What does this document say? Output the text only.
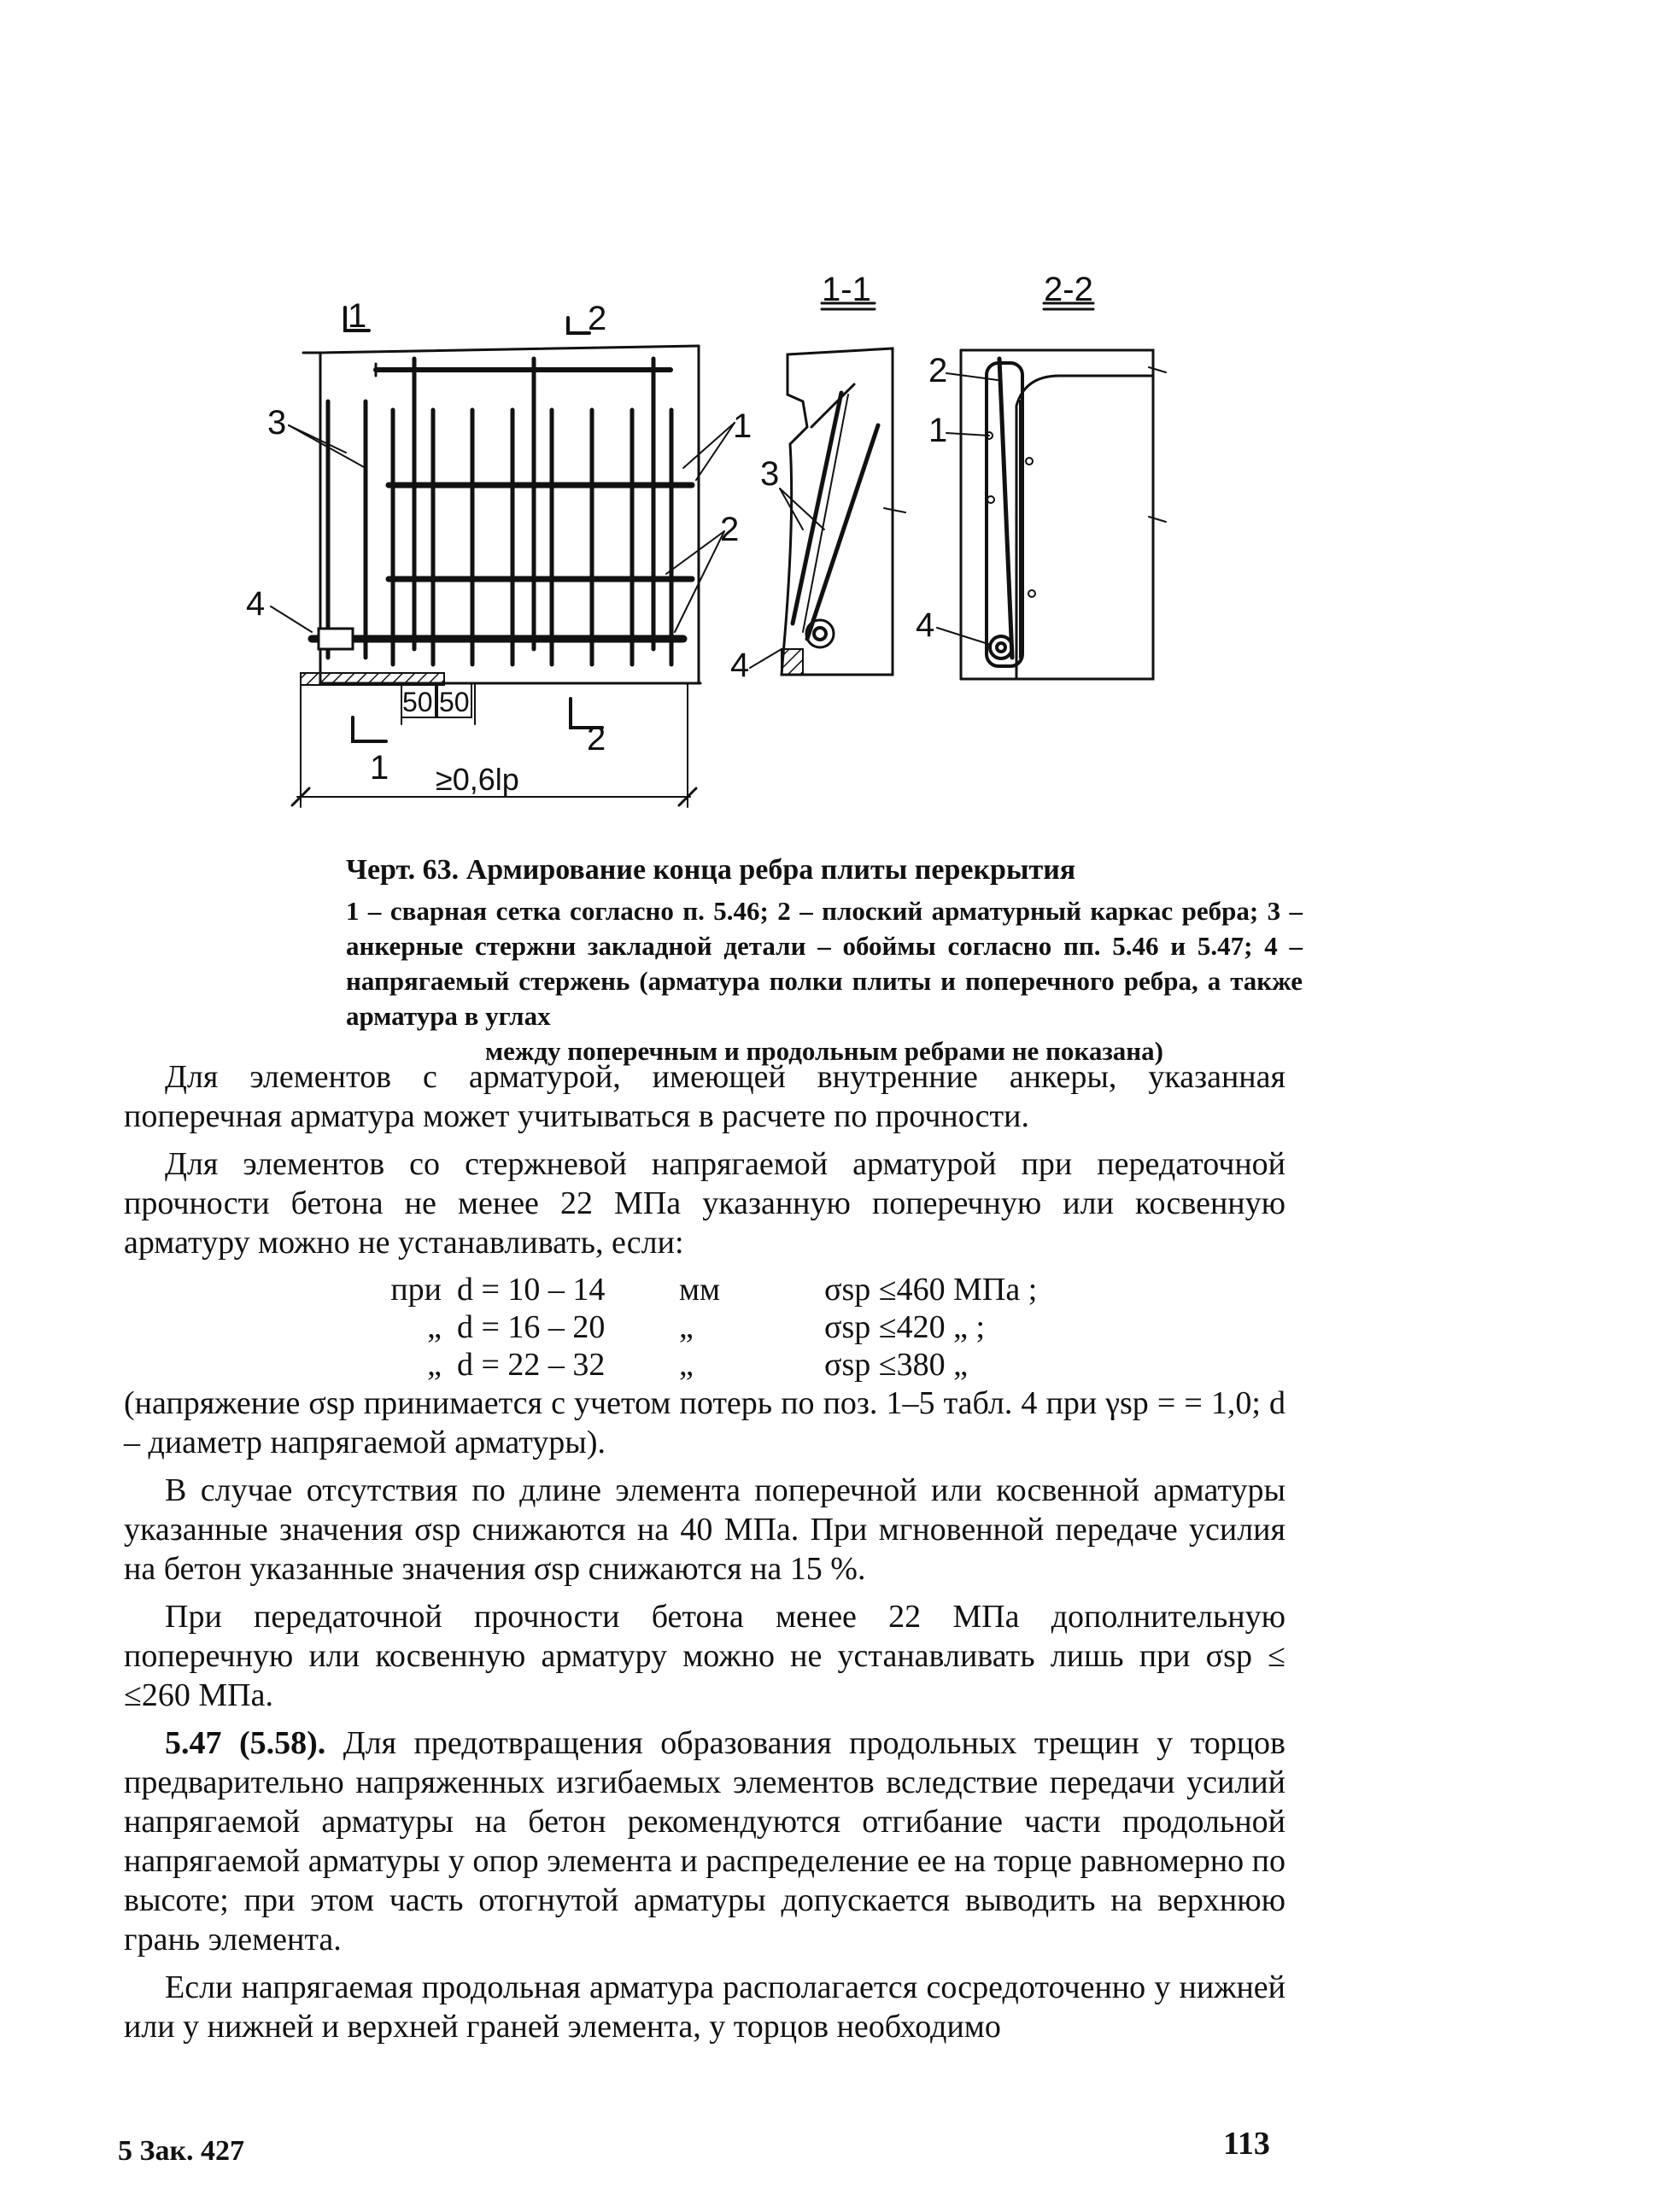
1	2
1
2
1-1	2-2
3	1
2
4
3
4
2
1
4
50 50
≥0,6lp
Черт. 63. Армирование конца ребра плиты перекрытия
1 – сварная сетка согласно п. 5.46; 2 – плоский арматурный каркас ребра; 3 – анкерные стержни закладной детали – обоймы согласно пп. 5.46 и 5.47; 4 – напрягаемый стержень (арматура полки плиты и поперечного ребра, а также арматура в углах
между поперечным и продольным ребрами не показана)

Для элементов с арматурой, имеющей внутренние анкеры, указанная поперечная арматура может учитываться в расчете по прочности.

Для элементов со стержневой напрягаемой арматурой при передаточной прочности бетона не менее 22 МПа указанную поперечную или косвенную арматуру можно не устанавливать, если:

при	d = 10 – 14	мм	σsp ≤460 МПа ;
„	d = 16 – 20	„	σsp ≤420 „ ;
„	d = 22 – 32	„	σsp ≤380 „

(напряжение σsp принимается с учетом потерь по поз. 1–5 табл. 4 при γsp = = 1,0; d – диаметр напрягаемой арматуры).

В случае отсутствия по длине элемента поперечной или косвенной арматуры указанные значения σsp снижаются на 40 МПа. При мгновенной передаче усилия на бетон указанные значения σsp снижаются на 15 %.

При передаточной прочности бетона менее 22 МПа дополнительную поперечную или косвенную арматуру можно не устанавливать лишь при σsp ≤ ≤260 МПа.

5.47 (5.58). Для предотвращения образования продольных трещин у торцов предварительно напряженных изгибаемых элементов вследствие передачи усилий напрягаемой арматуры на бетон рекомендуются отгибание части продольной напрягаемой арматуры у опор элемента и распределение ее на торце равномерно по высоте; при этом часть отогнутой арматуры допускается выводить на верхнюю грань элемента.

Если напрягаемая продольная арматура располагается сосредоточенно у нижней или у нижней и верхней граней элемента, у торцов необходимо

5 Зак. 427	113
